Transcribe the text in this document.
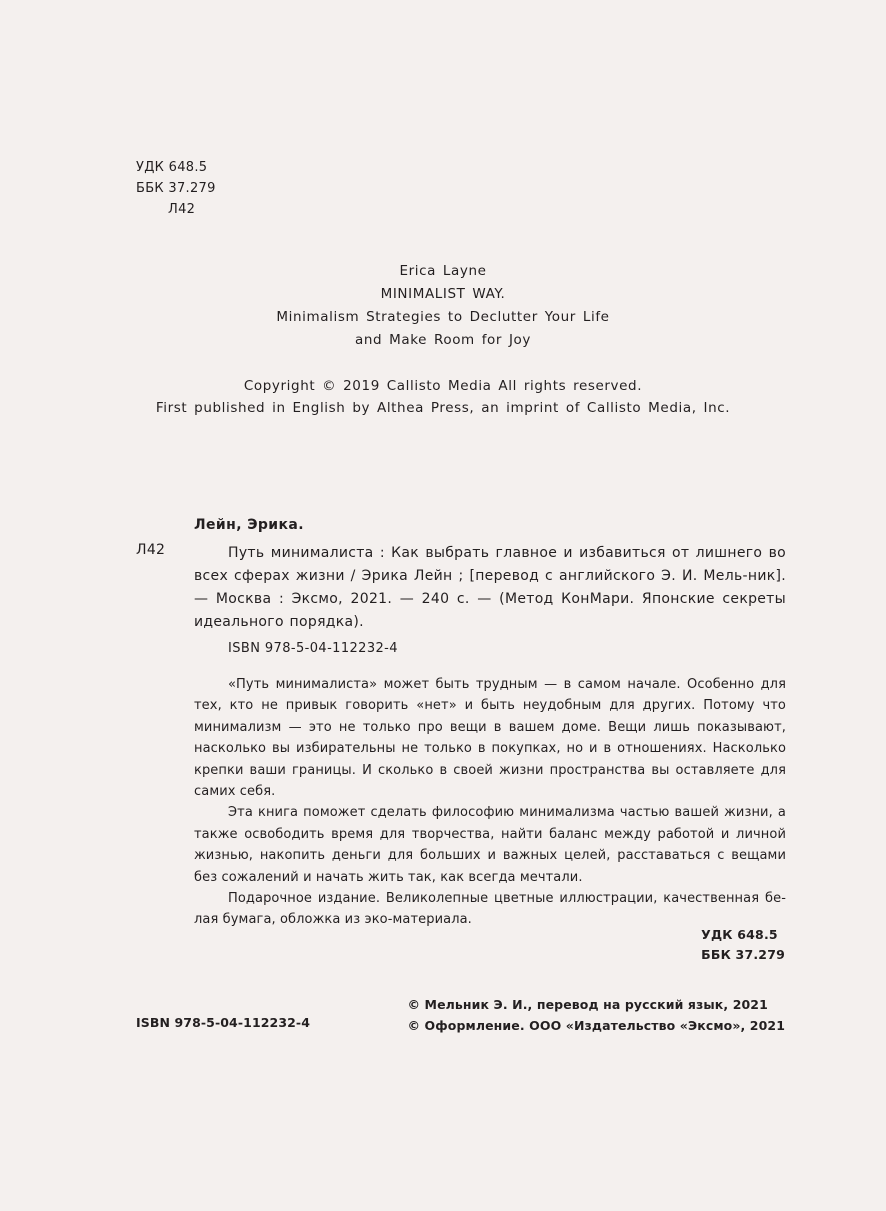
УДК 648.5
ББК 37.279
Л42
Erica Layne
MINIMALIST WAY.
Minimalism Strategies to Declutter Your Life
and Make Room for Joy
Copyright © 2019 Callisto Media All rights reserved.
First published in English by Althea Press, an imprint of Callisto Media, Inc.
Лейн, Эрика.
Л42	Путь минималиста : Как выбрать главное и избавиться от лишнего во всех сферах жизни / Эрика Лейн ; [перевод с английского Э. И. Мель-ник]. — Москва : Эксмо, 2021. — 240 с. — (Метод КонМари. Японские секреты идеального порядка).

ISBN 978-5-04-112232-4

«Путь минималиста» может быть трудным — в самом начале. Особенно для тех, кто не привык говорить «нет» и быть неудобным для других. Потому что минимализм — это не только про вещи в вашем доме. Вещи лишь показывают, насколько вы избирательны не только в покупках, но и в отношениях. Насколько крепки ваши границы. И сколько в своей жизни пространства вы оставляете для самих себя.

Эта книга поможет сделать философию минимализма частью вашей жизни, а также освободить время для творчества, найти баланс между работой и личной жизнью, накопить деньги для больших и важных целей, расставаться с вещами без сожалений и начать жить так, как всегда мечтали.

Подарочное издание. Великолепные цветные иллюстрации, качественная бе-лая бумага, обложка из эко-материала.

УДК 648.5
ББК 37.279
© Мельник Э. И., перевод на русский язык, 2021
© Оформление. ООО «Издательство «Эксмо», 2021
ISBN 978-5-04-112232-4
